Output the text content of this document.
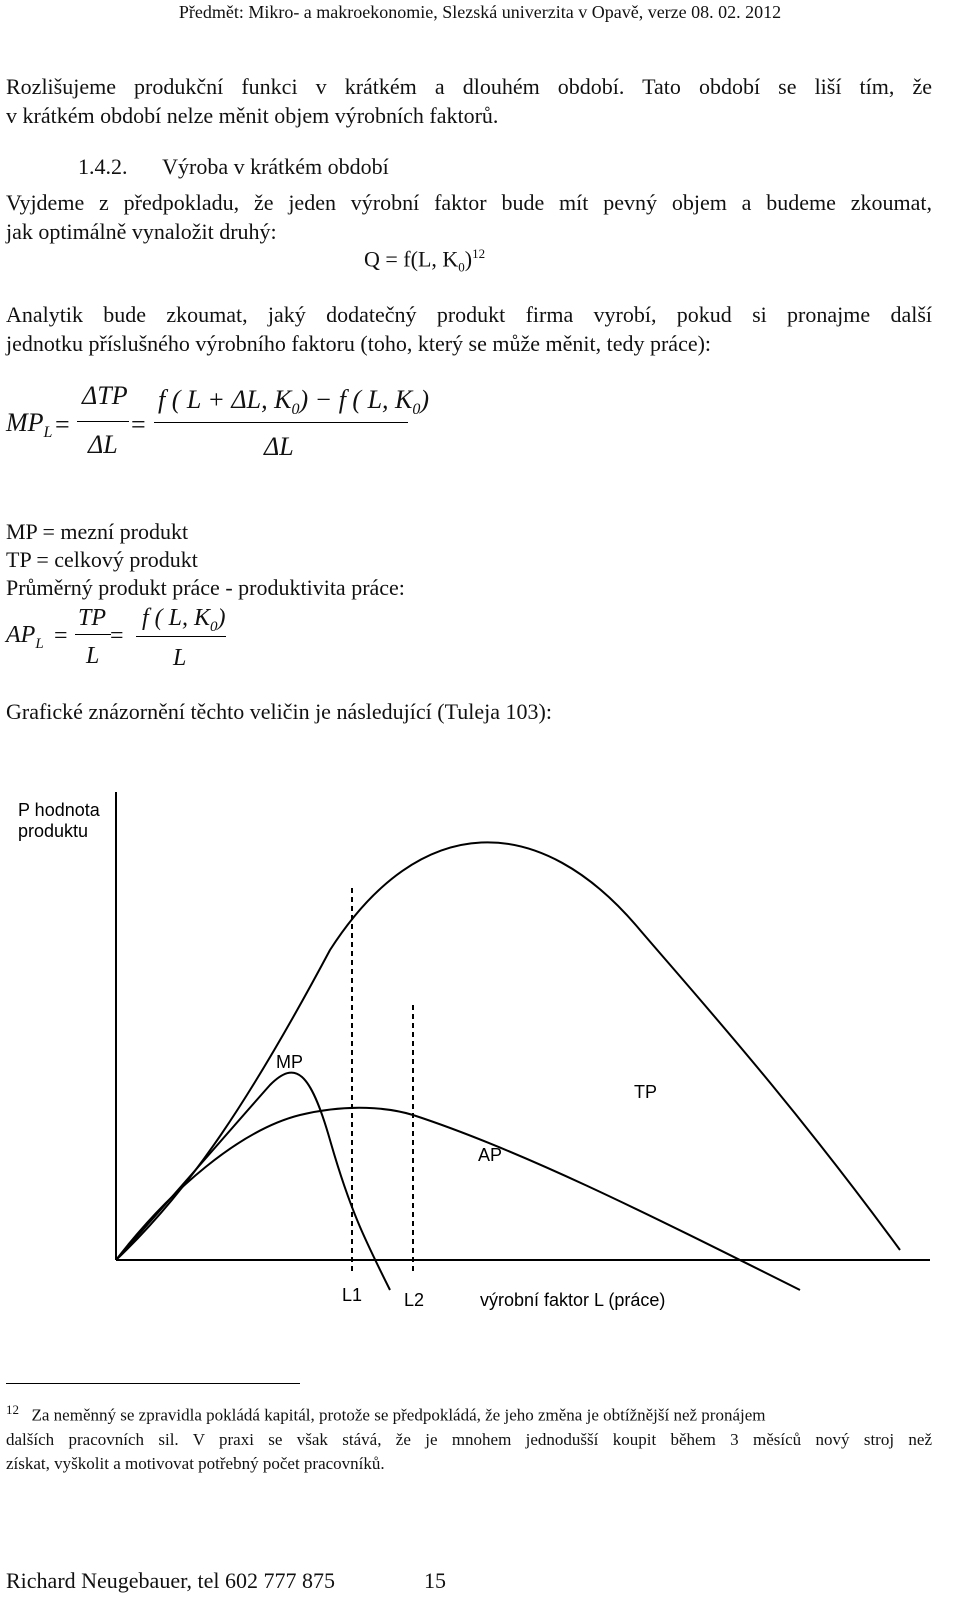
Předmět: Mikro- a makroekonomie, Slezská univerzita v Opavě, verze 08. 02. 2012
Rozlišujeme produkční funkci v krátkém a dlouhém období. Tato období se liší tím, že
v krátkém období nelze měnit objem výrobních faktorů.
1.4.2. Výroba v krátkém období
Vyjdeme z předpokladu, že jeden výrobní faktor bude mít pevný objem a budeme zkoumat,
jak optimálně vynaložit druhý:
Q = f(L, $K_0)^{12}$
Analytik bude zkoumat, jaký dodatečný produkt firma vyrobí, pokud si pronajme další
jednotku příslušného výrobního faktoru (toho, který se může měnit, tedy práce):
$MP_L$ =
ΔTP
ΔL
=
f ( L + ΔL, $K_0) - f$ ( L, $K_0$)
ΔL
MP = mezní produkt
TP = celkový produkt
Průměrný produkt práce - produktivita práce:
$AP_L$ =
TP
L
=
f ( L, $K_0$)
L
Grafické znázornění těchto veličin je následující (Tuleja 103):
P hodnota
produktu
MP
TP
AP
L1 L2	výrobní faktor L (práce)
$^{12}$ Za neměnný se zpravidla pokládá kapitál, protože se předpokládá, že jeho změna je obtížnější než pronájem
dalších pracovních sil. V praxi se však stává, že je mnohem jednodušší koupit během 3 měsíců nový stroj než
získat, vyškolit a motivovat potřebný počet pracovníků.
Richard Neugebauer, tel 602 777 875	15
